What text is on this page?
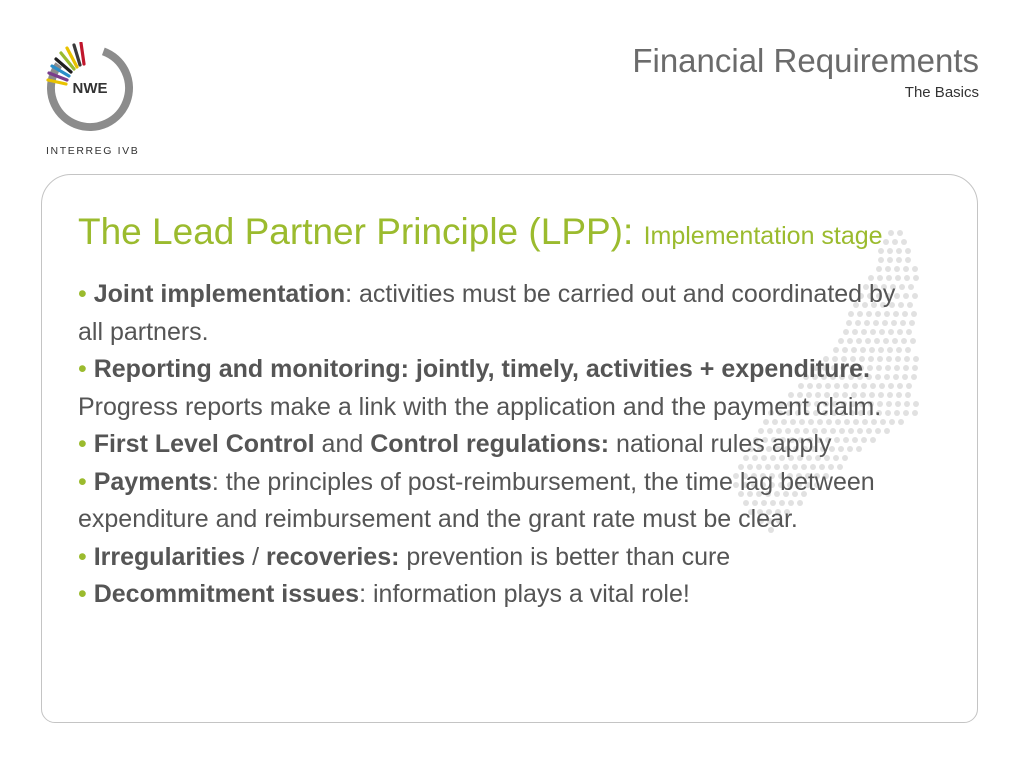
NWE
INTERREG IVB
Financial Requirements
The Basics
The Lead Partner Principle (LPP): Implementation stage

• Joint implementation: activities must be carried out and coordinated by all partners.

• Reporting and monitoring: jointly, timely, activities + expenditure. Progress reports make a link with the application and the payment claim.

• First Level Control and Control regulations: national rules apply

• Payments: the principles of post-reimbursement, the time lag between expenditure and reimbursement and the grant rate must be clear.

• Irregularities / recoveries: prevention is better than cure

• Decommitment issues: information plays a vital role!
